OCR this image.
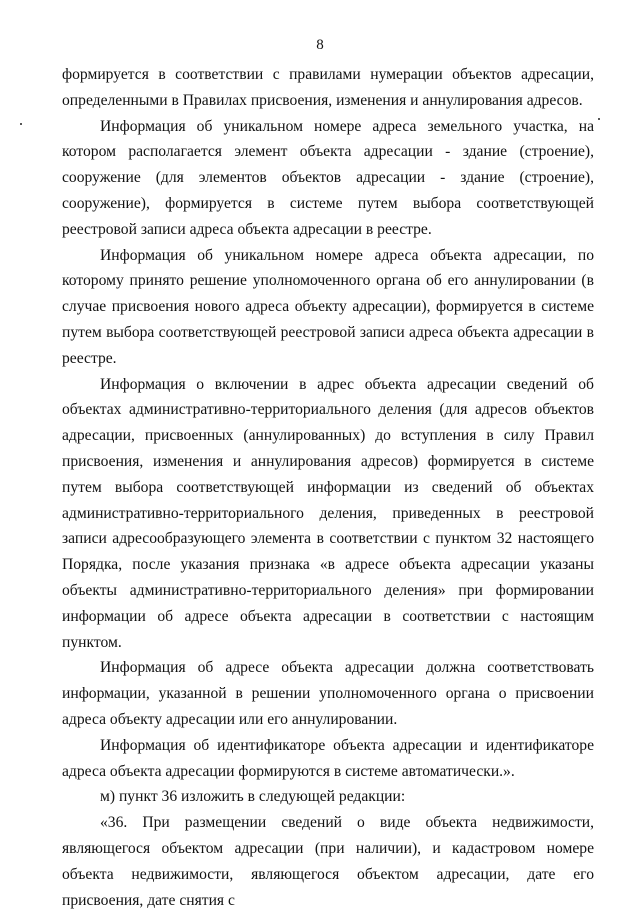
8

формируется в соответствии с правилами нумерации объектов адресации, определенными в Правилах присвоения, изменения и аннулирования адресов.

Информация об уникальном номере адреса земельного участка, на котором располагается элемент объекта адресации - здание (строение), сооружение (для элементов объектов адресации - здание (строение), сооружение), формируется в системе путем выбора соответствующей реестровой записи адреса объекта адресации в реестре.

Информация об уникальном номере адреса объекта адресации, по которому принято решение уполномоченного органа об его аннулировании (в случае присвоения нового адреса объекту адресации), формируется в системе путем выбора соответствующей реестровой записи адреса объекта адресации в реестре.

Информация о включении в адрес объекта адресации сведений об объектах административно-территориального деления (для адресов объектов адресации, присвоенных (аннулированных) до вступления в силу Правил присвоения, изменения и аннулирования адресов) формируется в системе путем выбора соответствующей информации из сведений об объектах административно-территориального деления, приведенных в реестровой записи адресообразующего элемента в соответствии с пунктом 32 настоящего Порядка, после указания признака «в адресе объекта адресации указаны объекты административно-территориального деления» при формировании информации об адресе объекта адресации в соответствии с настоящим пунктом.

Информация об адресе объекта адресации должна соответствовать информации, указанной в решении уполномоченного органа о присвоении адреса объекту адресации или его аннулировании.

Информация об идентификаторе объекта адресации и идентификаторе адреса объекта адресации формируются в системе автоматически.».

м) пункт 36 изложить в следующей редакции:

«36. При размещении сведений о виде объекта недвижимости, являющегося объектом адресации (при наличии), и кадастровом номере объекта недвижимости, являющегося объектом адресации, дате его присвоения, дате снятия с
